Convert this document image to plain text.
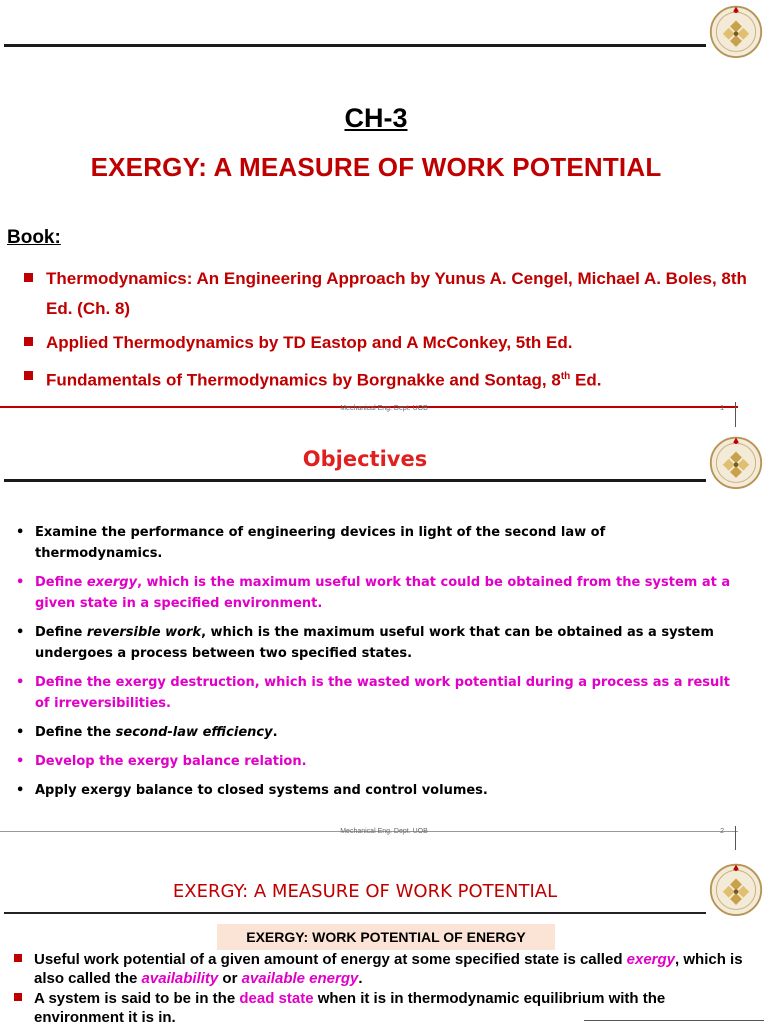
CH-3
EXERGY: A MEASURE OF WORK POTENTIAL
Book:
Thermodynamics: An Engineering Approach by Yunus A. Cengel, Michael A. Boles, 8th Ed. (Ch. 8)
Applied Thermodynamics by TD Eastop and A McConkey, 5th Ed.
Fundamentals of Thermodynamics by Borgnakke and Sontag, 8th Ed.
Mechanical Eng. Dept. UOB	1
Objectives
• Examine the performance of engineering devices in light of the second law of thermodynamics.
• Define exergy, which is the maximum useful work that could be obtained from the system at a given state in a specified environment.
• Define reversible work, which is the maximum useful work that can be obtained as a system undergoes a process between two specified states.
• Define the exergy destruction, which is the wasted work potential during a process as a result of irreversibilities.
• Define the second-law efficiency.
• Develop the exergy balance relation.
• Apply exergy balance to closed systems and control volumes.
Mechanical Eng. Dept. UOB	2
EXERGY: A MEASURE OF WORK POTENTIAL
EXERGY: WORK POTENTIAL OF ENERGY
Useful work potential of a given amount of energy at some specified state is called exergy, which is also called the availability or available energy.
A system is said to be in the dead state when it is in thermodynamic equilibrium with the environment it is in.
